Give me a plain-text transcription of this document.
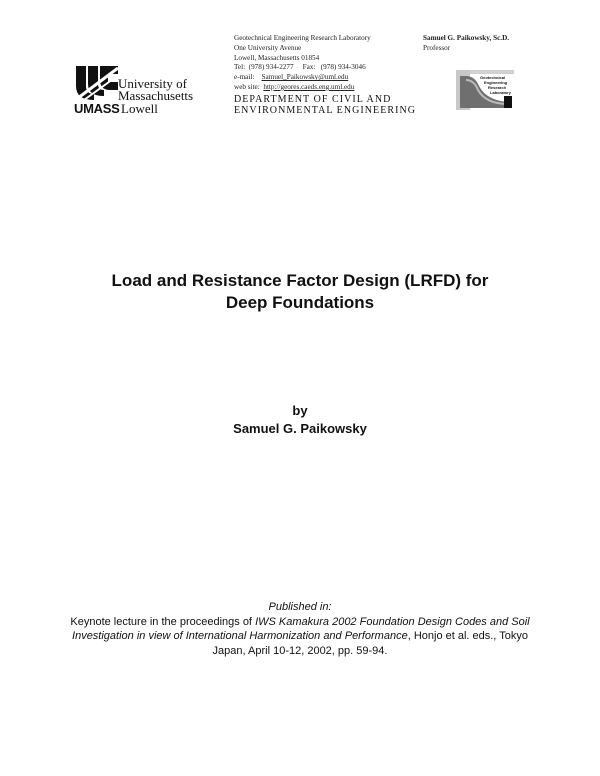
University of
Massachusetts
UMASS Lowell
Geotechnical Engineering Research Laboratory
One University Avenue
Lowell, Massachusetts 01854
Tel: (978) 934-2277 Fax: (978) 934-3046
e-mail: Samuel_Paikowsky@uml.edu
web site: http://geores.caeds.eng.uml.edu
DEPARTMENT OF CIVIL AND
ENVIRONMENTAL ENGINEERING
Samuel G. Paikowsky, Sc.D.
Professor
Geotechnical
Engineering
Research
Laboratory
Load and Resistance Factor Design (LRFD) for
Deep Foundations
by
Samuel G. Paikowsky
Published in:
Keynote lecture in the proceedings of IWS Kamakura 2002 Foundation Design Codes and Soil Investigation in view of International Harmonization and Performance, Honjo et al. eds., Tokyo Japan, April 10-12, 2002, pp. 59-94.
